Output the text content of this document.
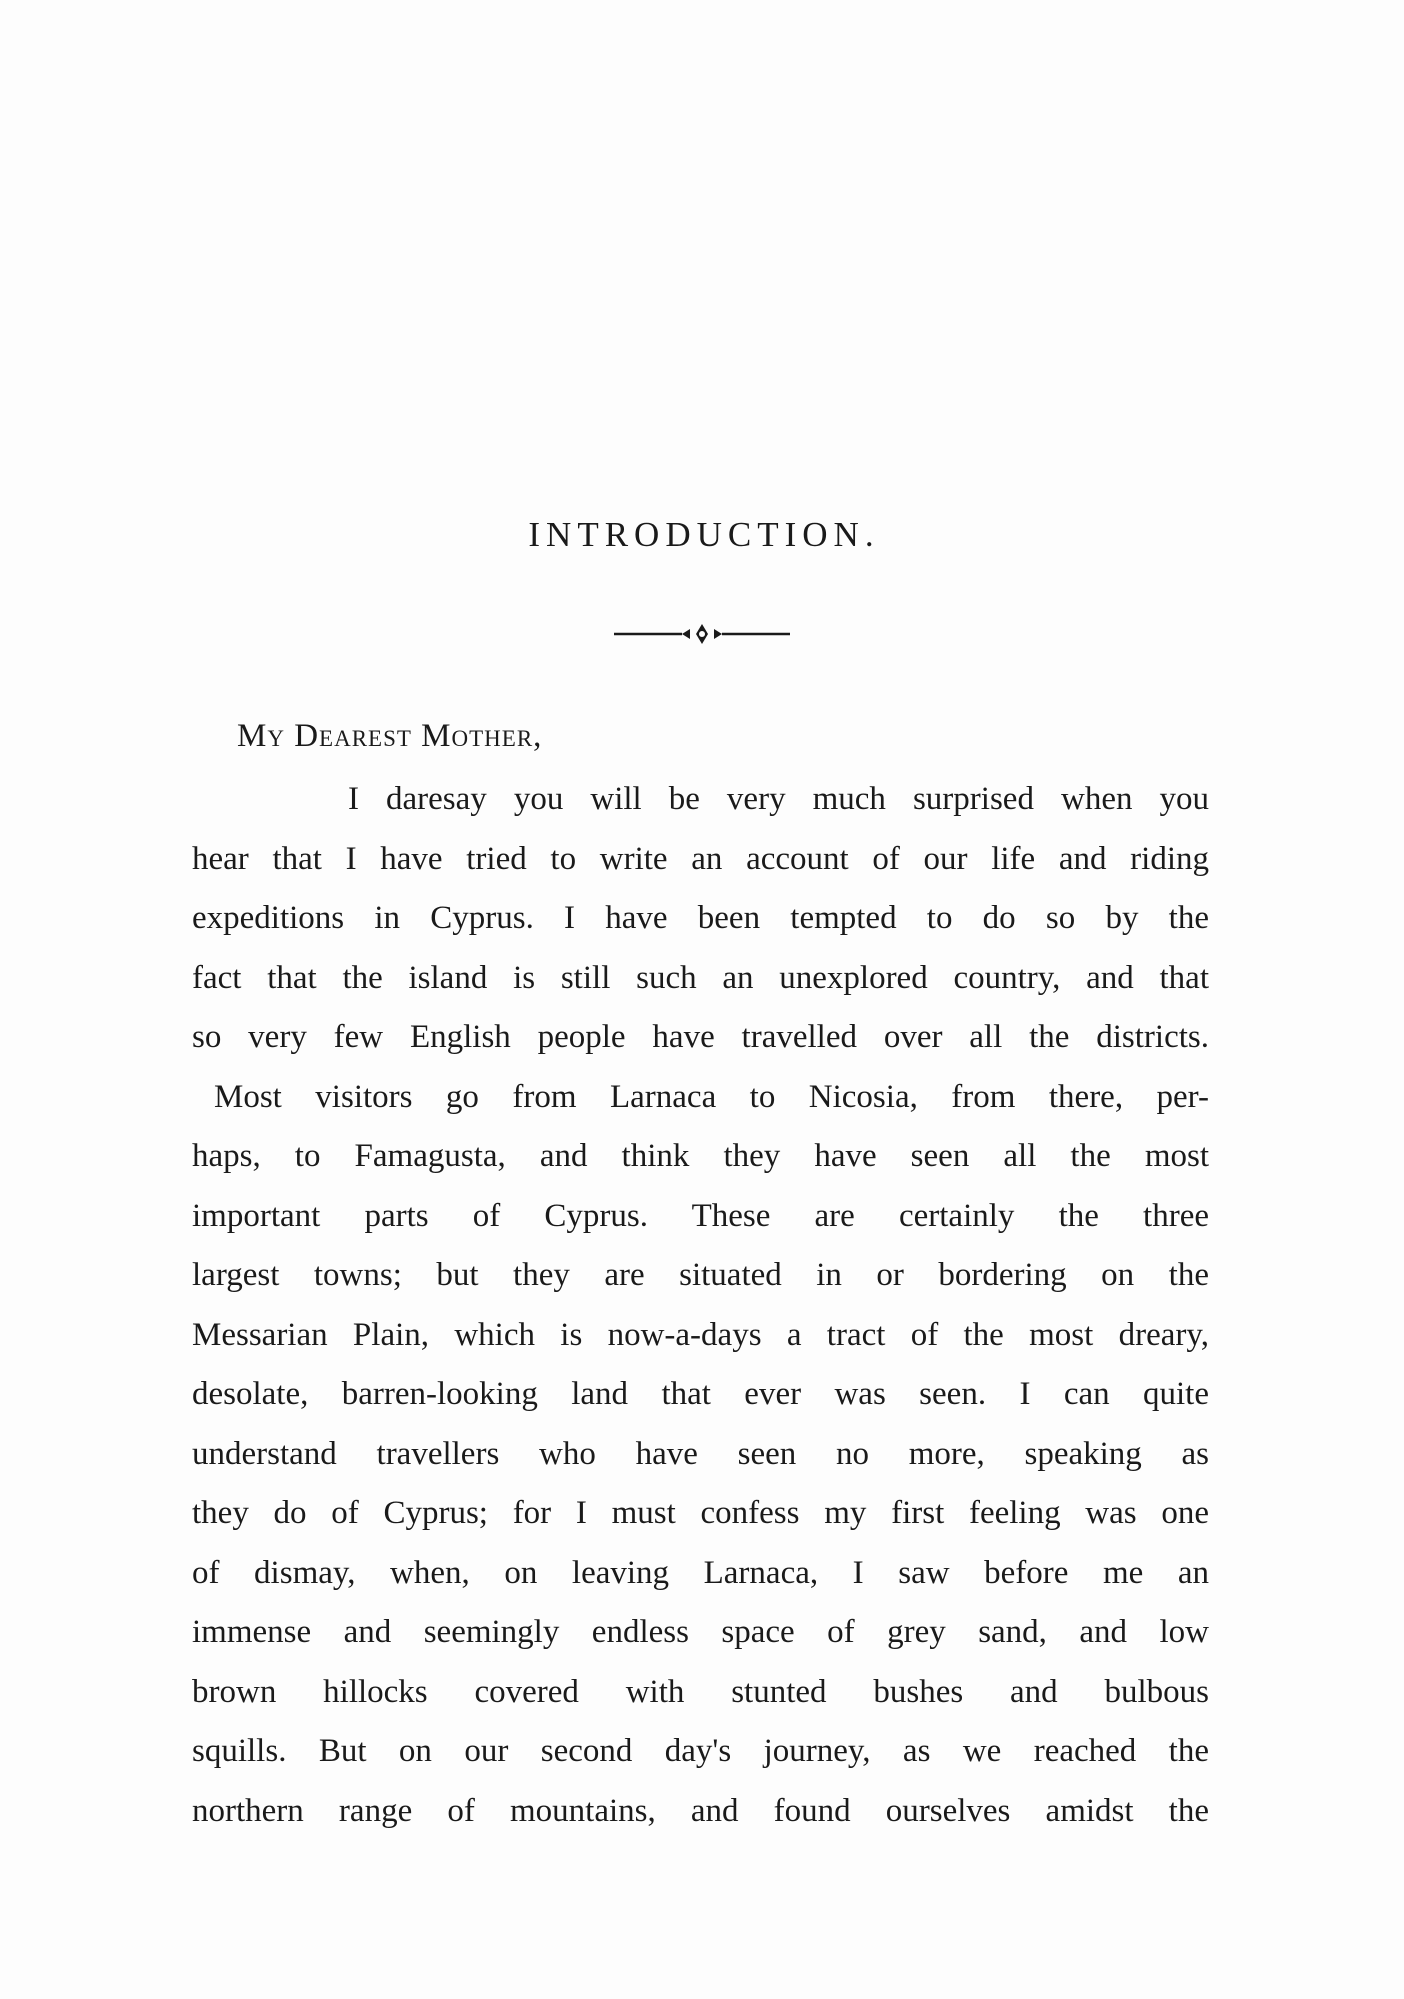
INTRODUCTION.
My Dearest Mother,
I daresay you will be very much surprised when you
hear that I have tried to write an account of our life and riding
expeditions in Cyprus. I have been tempted to do so by the
fact that the island is still such an unexplored country, and that
so very few English people have travelled over all the districts.
Most visitors go from Larnaca to Nicosia, from there, per-
haps, to Famagusta, and think they have seen all the most
important parts of Cyprus. These are certainly the three
largest towns; but they are situated in or bordering on the
Messarian Plain, which is now-a-days a tract of the most dreary,
desolate, barren-looking land that ever was seen. I can quite
understand travellers who have seen no more, speaking as
they do of Cyprus; for I must confess my first feeling was one
of dismay, when, on leaving Larnaca, I saw before me an
immense and seemingly endless space of grey sand, and low
brown hillocks covered with stunted bushes and bulbous
squills. But on our second day's journey, as we reached the
northern range of mountains, and found ourselves amidst the
